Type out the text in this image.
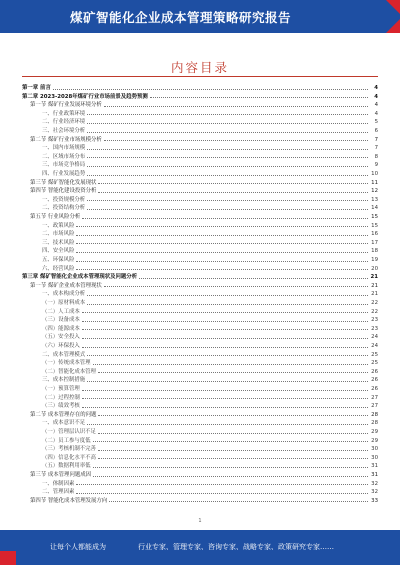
煤矿智能化企业成本管理策略研究报告
内容目录
第一章 前言	4
第二章 2023-2028年煤矿行业市场前景及趋势预测	4
第一节 煤矿行业发展环境分析	4
一、行业政策环境	4
二、行业经济环境	5
三、社会环境分析	6
第二节 煤矿行业市场规模分析	7
一、国内市场规模	7
二、区域市场分布	8
三、市场竞争格局	9
四、行业发展趋势	10
第三节 煤矿智能化发展现状	11
第四节 智能化建设投资分析	12
一、投资规模分析	13
二、投资结构分析	14
第五节 行业风险分析	15
一、政策风险	15
二、市场风险	16
三、技术风险	17
四、安全风险	18
五、环保风险	19
六、经营风险	20
第三章 煤矿智能化企业成本管理现状及问题分析	21
第一节 煤矿企业成本管理现状	21
一、成本构成分析	21
（一）原材料成本	22
（二）人工成本	22
（三）设备成本	23
（四）能源成本	23
（五）安全投入	24
（六）环保投入	24
二、成本管理模式	25
（一）传统成本管理	25
（二）智能化成本管理	26
三、成本控制措施	26
（一）预算管理	26
（二）过程控制	27
（三）绩效考核	27
第二节 成本管理存在的问题	28
一、成本意识不足	28
（一）管理层认识不足	29
（二）员工参与度低	29
（三）考核机制不完善	30
（四）信息化水平不高	30
（五）数据利用率低	31
第三节 成本管理问题成因	31
一、体制因素	32
二、管理因素	32
第四节 智能化成本管理发展方向	33
让每个人都能成为	行业专家、管理专家、咨询专家、战略专家、政策研究专家……
1
